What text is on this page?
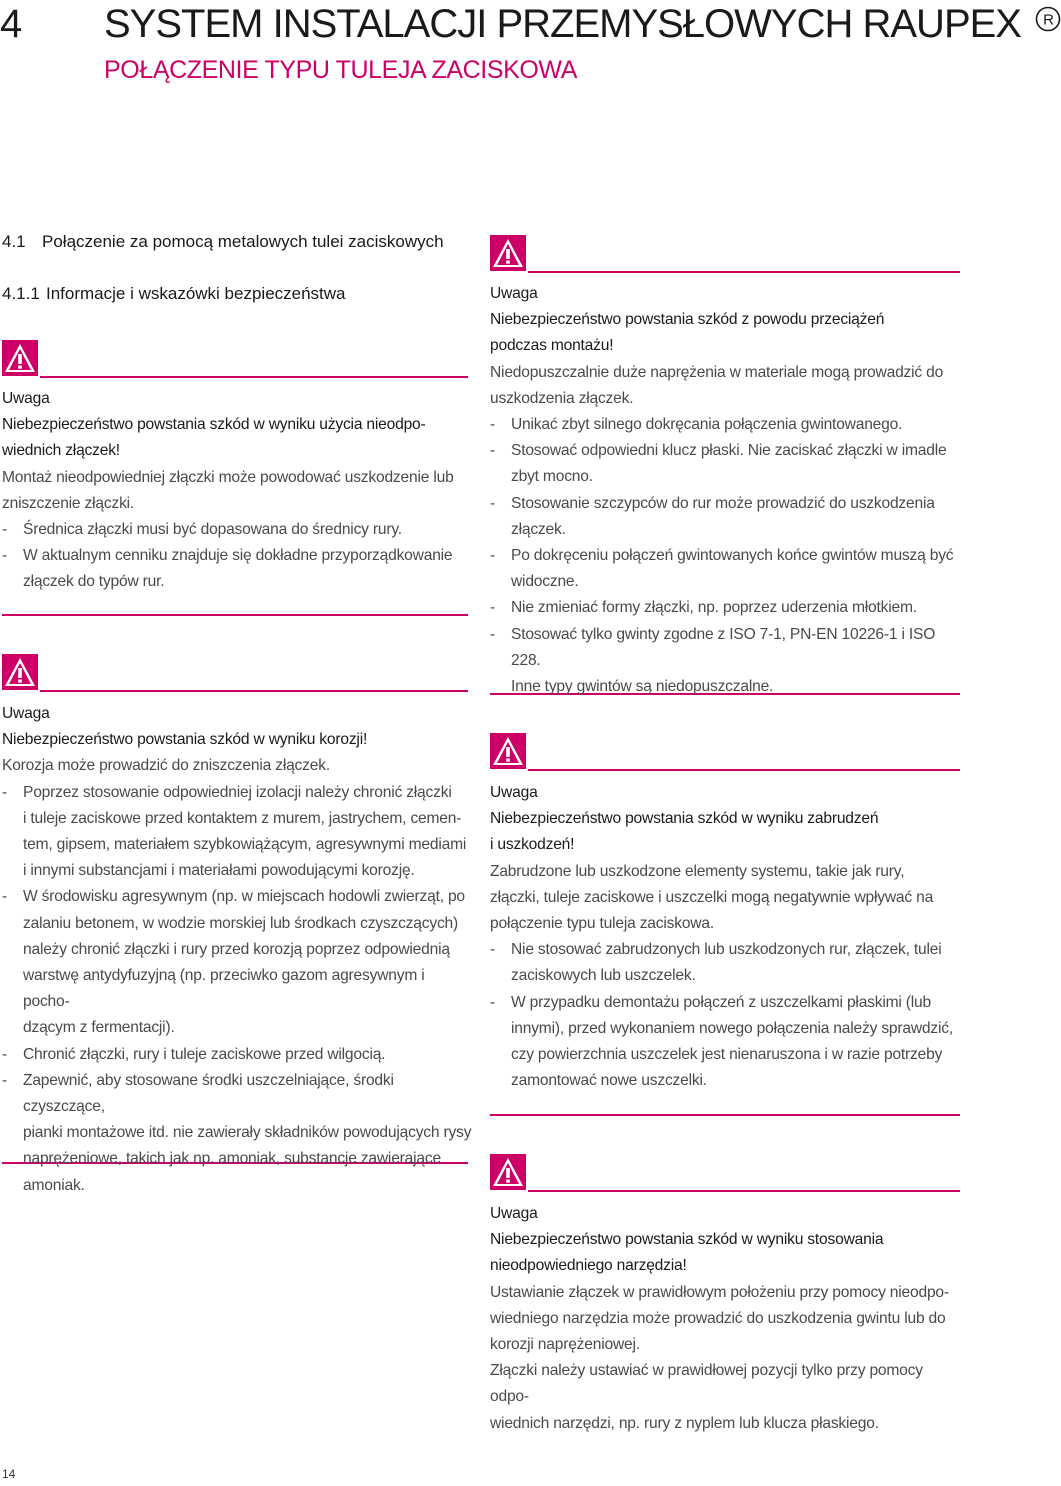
4 SYSTEM INSTALACJI PRZEMYSŁOWYCH RAUPEX R
POŁĄCZENIE TYPU TULEJA ZACISKOWA
4.1 Połączenie za pomocą metalowych tulei zaciskowych
4.1.1 Informacje i wskazówki bezpieczeństwa

Uwaga

Niebezpieczeństwo powstania szkód w wyniku użycia nieodpo-

wiednich złączek!

Montaż nieodpowiedniej złączki może powodować uszkodzenie lub

zniszczenie złączki.

- Średnica złączki musi być dopasowana do średnicy rury.

- W aktualnym cenniku znajduje się dokładne przyporządkowanie

złączek do typów rur.

Uwaga

Niebezpieczeństwo powstania szkód w wyniku korozji!

Korozja może prowadzić do zniszczenia złączek.

- Poprzez stosowanie odpowiedniej izolacji należy chronić złączki

i tuleje zaciskowe przed kontaktem z murem, jastrychem, cemen-

tem, gipsem, materiałem szybkowiążącym, agresywnymi mediami

i innymi substancjami i materiałami powodującymi korozję.

- W środowisku agresywnym (np. w miejscach hodowli zwierząt, po

zalaniu betonem, w wodzie morskiej lub środkach czyszczących)

należy chronić złączki i rury przed korozją poprzez odpowiednią

warstwę antydyfuzyjną (np. przeciwko gazom agresywnym i pocho-

dzącym z fermentacji).

- Chronić złączki, rury i tuleje zaciskowe przed wilgocią.

- Zapewnić, aby stosowane środki uszczelniające, środki czyszczące,

pianki montażowe itd. nie zawierały składników powodujących rysy

naprężeniowe, takich jak np. amoniak, substancje zawierające

amoniak.

Uwaga

Niebezpieczeństwo powstania szkód z powodu przeciążeń

podczas montażu!

Niedopuszczalnie duże naprężenia w materiale mogą prowadzić do

uszkodzenia złączek.

- Unikać zbyt silnego dokręcania połączenia gwintowanego.

- Stosować odpowiedni klucz płaski. Nie zaciskać złączki w imadle

zbyt mocno.

- Stosowanie szczypców do rur może prowadzić do uszkodzenia

złączek.

- Po dokręceniu połączeń gwintowanych końce gwintów muszą być

widoczne.

- Nie zmieniać formy złączki, np. poprzez uderzenia młotkiem.

- Stosować tylko gwinty zgodne z ISO 7-1, PN-EN 10226-1 i ISO 228.

Inne typy gwintów są niedopuszczalne.

Uwaga

Niebezpieczeństwo powstania szkód w wyniku zabrudzeń

i uszkodzeń!

Zabrudzone lub uszkodzone elementy systemu, takie jak rury,

złączki, tuleje zaciskowe i uszczelki mogą negatywnie wpływać na

połączenie typu tuleja zaciskowa.

- Nie stosować zabrudzonych lub uszkodzonych rur, złączek, tulei

zaciskowych lub uszczelek.

- W przypadku demontażu połączeń z uszczelkami płaskimi (lub

innymi), przed wykonaniem nowego połączenia należy sprawdzić,

czy powierzchnia uszczelek jest nienaruszona i w razie potrzeby

zamontować nowe uszczelki.

Uwaga

Niebezpieczeństwo powstania szkód w wyniku stosowania

nieodpowiedniego narzędzia!

Ustawianie złączek w prawidłowym położeniu przy pomocy nieodpo-

wiedniego narzędzia może prowadzić do uszkodzenia gwintu lub do

korozji naprężeniowej.

Złączki należy ustawiać w prawidłowej pozycji tylko przy pomocy odpo-

wiednich narzędzi, np. rury z nyplem lub klucza płaskiego.

14
